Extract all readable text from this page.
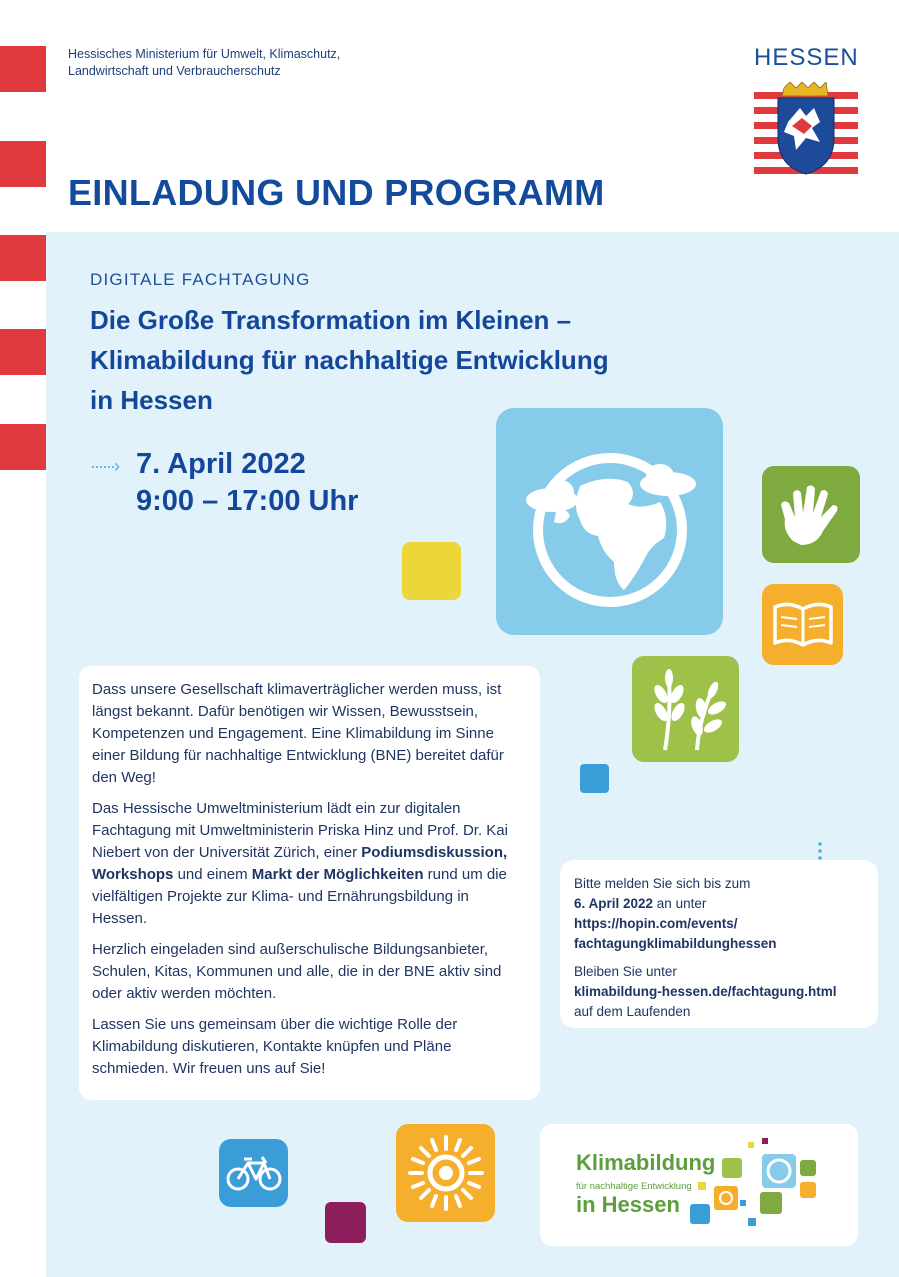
Hessisches Ministerium für Umwelt, Klimaschutz,
Landwirtschaft und Verbraucherschutz	HESSEN
EINLADUNG UND PROGRAMM
DIGITALE FACHTAGUNG
Die Große Transformation im Kleinen –
Klimabildung für nachhaltige Entwicklung
in Hessen
······› 7. April 2022
9:00 – 17:00 Uhr

Dass unsere Gesellschaft klimaverträglicher werden muss, ist längst bekannt. Dafür benötigen wir Wissen, Bewusstsein, Kompetenzen und Engagement. Eine Klimabildung im Sinne einer Bildung für nachhaltige Entwicklung (BNE) bereitet dafür den Weg!

Das Hessische Umweltministerium lädt ein zur digitalen Fachtagung mit Umweltministerin Priska Hinz und Prof. Dr. Kai Niebert von der Universität Zürich, einer Podiumsdiskussion, Workshops und einem Markt der Möglichkeiten rund um die vielfältigen Projekte zur Klima- und Ernährungsbildung in Hessen.

Herzlich eingeladen sind außerschulische Bildungsanbieter, Schulen, Kitas, Kommunen und alle, die in der BNE aktiv sind oder aktiv werden möchten.

Lassen Sie uns gemeinsam über die wichtige Rolle der Klimabildung diskutieren, Kontakte knüpfen und Pläne schmieden. Wir freuen uns auf Sie!

Bitte melden Sie sich bis zum
6. April 2022 an unter
https://hopin.com/events/
fachtagungklimabildunghessen
Bleiben Sie unter
klimabildung-hessen.de/fachtagung.html
auf dem Laufenden
Klimabildung
für nachhaltige Entwicklung
in Hessen
